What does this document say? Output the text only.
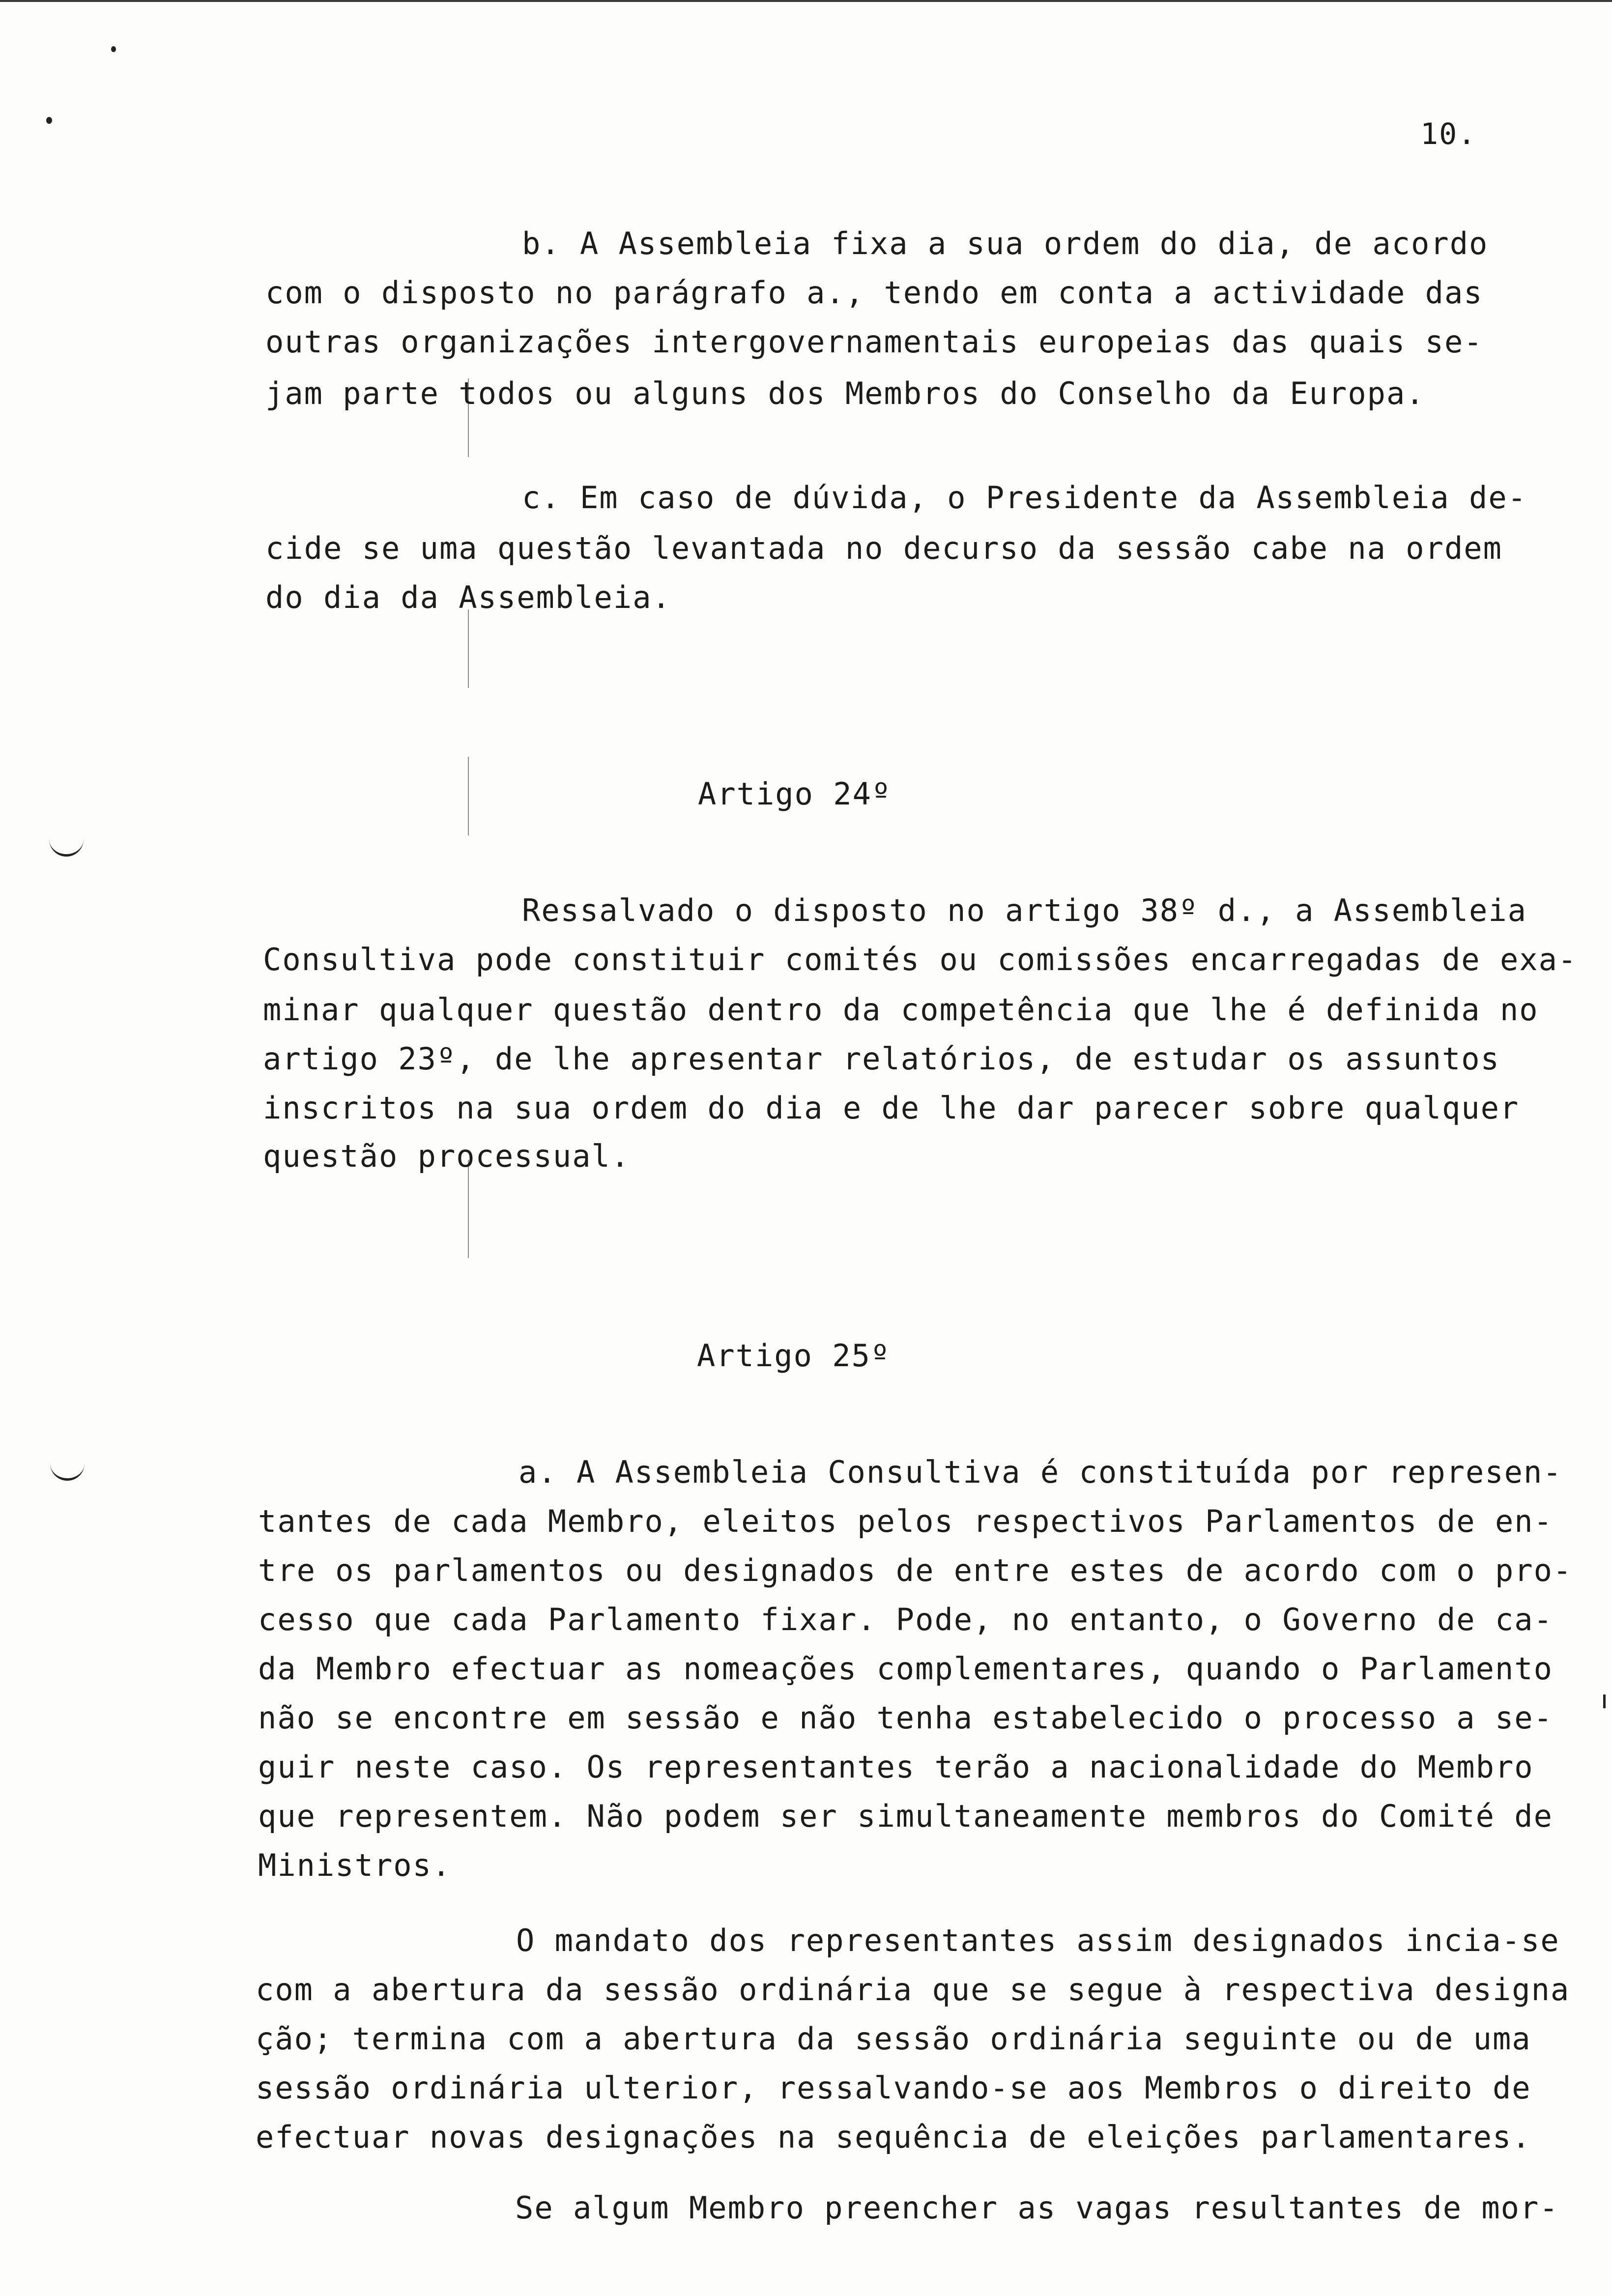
10.
b. A Assembleia fixa a sua ordem do dia, de acordo
com o disposto no parágrafo a., tendo em conta a actividade das
outras organizações intergovernamentais europeias das quais se-
jam parte todos ou alguns dos Membros do Conselho da Europa.
c. Em caso de dúvida, o Presidente da Assembleia de-
cide se uma questão levantada no decurso da sessão cabe na ordem
do dia da Assembleia.
Artigo 24º
Ressalvado o disposto no artigo 38º d., a Assembleia
Consultiva pode constituir comités ou comissões encarregadas de exa-
minar qualquer questão dentro da competência que lhe é definida no
artigo 23º, de lhe apresentar relatórios, de estudar os assuntos
inscritos na sua ordem do dia e de lhe dar parecer sobre qualquer
questão processual.
Artigo 25º
a. A Assembleia Consultiva é constituída por represen-
tantes de cada Membro, eleitos pelos respectivos Parlamentos de en-
tre os parlamentos ou designados de entre estes de acordo com o pro-
cesso que cada Parlamento fixar. Pode, no entanto, o Governo de ca-
da Membro efectuar as nomeações complementares, quando o Parlamento
não se encontre em sessão e não tenha estabelecido o processo a se-
guir neste caso. Os representantes terão a nacionalidade do Membro
que representem. Não podem ser simultaneamente membros do Comité de
Ministros.
O mandato dos representantes assim designados incia-se
com a abertura da sessão ordinária que se segue à respectiva designa
ção; termina com a abertura da sessão ordinária seguinte ou de uma
sessão ordinária ulterior, ressalvando-se aos Membros o direito de
efectuar novas designações na sequência de eleições parlamentares.
Se algum Membro preencher as vagas resultantes de mor-
